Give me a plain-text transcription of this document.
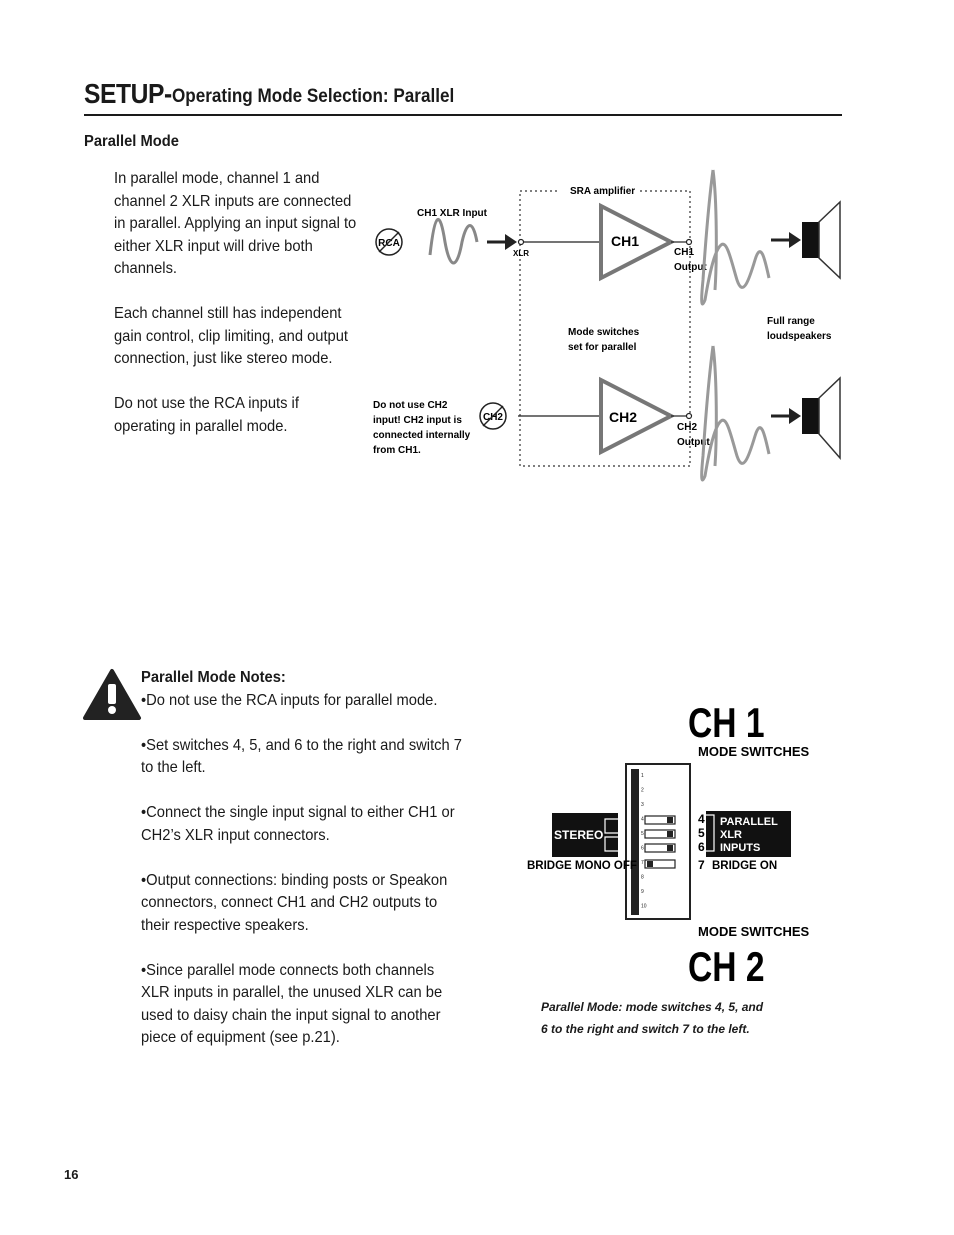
SETUP- Operating Mode Selection: Parallel
Parallel Mode

In parallel mode, channel 1 and channel 2 XLR inputs are connected in parallel. Applying an input signal to either XLR input will drive both channels.

Each channel still has independent gain control, clip limiting, and output connection, just like stereo mode.

Do not use the RCA inputs if operating in parallel mode.

SRA amplifier
CH1 XLR Input
RCA
XLR
CH1
CH1 Output
Mode switches set for parallel
Full range loudspeakers
Do not use CH2 input! CH2 input is connected internally from CH1.
CH2	CH2
CH2 Output
Parallel Mode Notes:

•Do not use the RCA inputs for parallel mode.

•Set switches 4, 5, and 6 to the right and switch 7 to the left.

•Connect the single input signal to either CH1 or CH2’s XLR input connectors.

•Output connections: binding posts or Speakon connectors, connect CH1 and CH2 outputs to their respective speakers.

•Since parallel mode connects both channels XLR inputs in parallel, the unused XLR can be used to daisy chain the input signal to another piece of equipment (see p.21).

CH 1
MODE SWITCHES
1
2
3
4
5
6
7
8
9
10
STEREO
BRIDGE MONO OFF
4
5
6
7
PARALLEL XLR INPUTS
BRIDGE ON
MODE SWITCHES
CH 2
Parallel Mode: mode switches 4, 5, and
6 to the right and switch 7 to the left.
16
